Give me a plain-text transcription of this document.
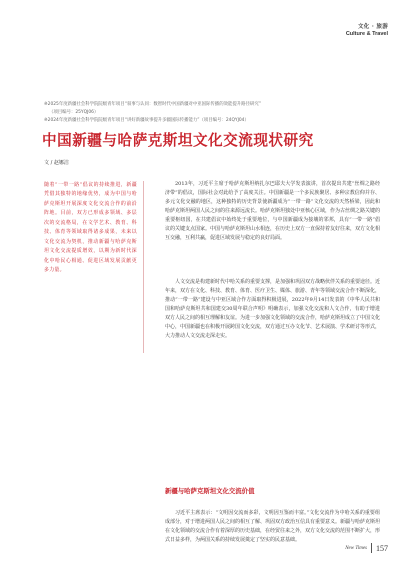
文化 · 旅游
Culture & Travel
※2025年度新疆社会科学院院级青年项目“叙事与认同：数智时代中国新疆对中亚国际传播的效能提升路径研究”
（项目编号：25YQJ06）
※2024年度新疆社会科学院院级青年项目“讲好新疆故事提升多疆国际传播能力”（项目编号：24QYJ04）
中国新疆与哈萨克斯坦文化交流现状研究
文 / 赵娜洁
随着“一带一路”倡议的持续推进，新疆凭借其独特的地缘优势，成为中国与哈萨克斯坦开展深度文化交流合作的前沿阵地。目前，双方已形成多领域、多层次的交流格局，在文学艺术、教育、科技、体育等领域取得诸多成果，未来以文化交流为契机，推动新疆与哈萨克斯坦文化交流提质增效，以期为新时代深化中哈民心相通、促进区域发展贡献更多力量。

2013年，习近平主席于哈萨克斯坦纳扎尔巴耶夫大学发表演讲，首次提出共建“丝绸之路经济带”的倡议，国际社会对此给予了高度关注。中国新疆是一个多民族聚居、多种宗教信仰并存、多元文化交融的地区，这种独特的历史背景使新疆成为“一带一路”文化交流的天然桥梁，因此和哈萨克斯坦两国人民之间的往来源远流长。哈萨克斯坦独处中亚核心区域，作为古丝绸之路关键的重要枢纽国，在共建倡议中始终处于重要地位，与中国新疆成为接壤的邻邦，具有“一带一路”倡议的关键支点国家。中国与哈萨克斯坦山水相连，在历史上双方一直保持着友好往来，双方文化相互交融，互利共赢，促进区域发展与稳定的良好局面。

人文交流是构建新时代中哈关系的重要支撑，是加强和巩固双方战略伙伴关系的重要途径。近年来，双方在文化、科技、教育、体育、医疗卫生、媒体、旅游、青年等领域交流合作不断深化，推动“一带一路”建设与中亚区域合作方面取得积极进展，2022年9月14日发表的《中华人民共和国和哈萨克斯坦共和国建交30周年联合声明》明确表示，加强文化交流和人文合作，有助于增进双方人民之间的相互理解和友谊。为进一步加强文化领域的交流合作，哈萨克斯坦成立了中国文化中心，中国新疆也在积极开展跨国文化交流，双方通过互办文化节、艺术展演、学术研讨等形式，大力推动人文交流走深走实。

新疆与哈萨克斯坦文化交流价值

习近平主席表示：“文明因交流而多彩，文明因互鉴而丰富。”文化交流作为中哈关系的重要组成部分，对于增进两国人民之间的相互了解、巩固双方政治互信具有重要意义。新疆与哈萨克斯坦在文化领域的交流合作有着深厚的历史基础，在经贸往来之外，双方文化交流的范围不断扩大，形式日益多样，为两国关系的持续发展奠定了坚实的民意基础。

New Times 157
